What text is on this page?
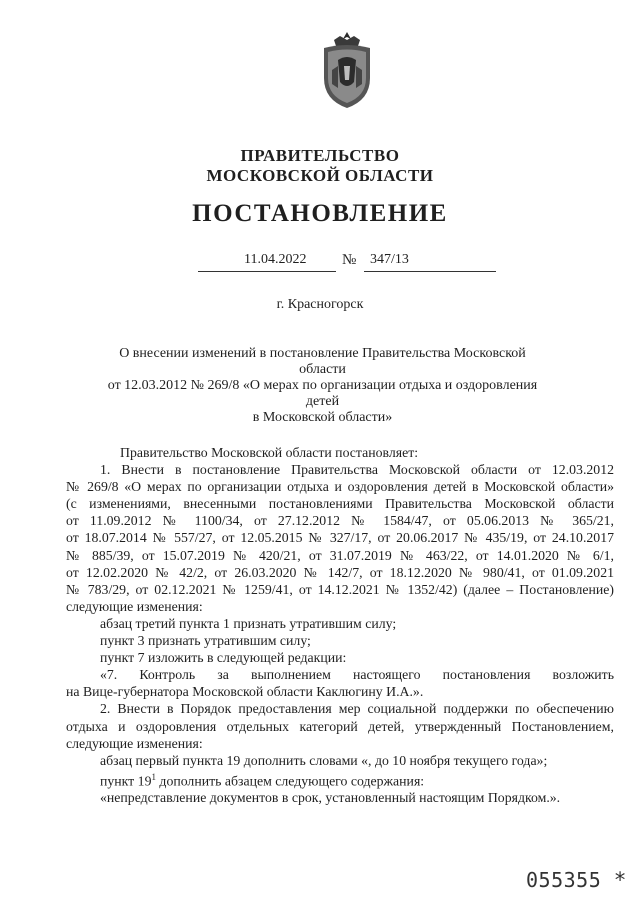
ПРАВИТЕЛЬСТВО
МОСКОВСКОЙ ОБЛАСТИ
ПОСТАНОВЛЕНИЕ
11.04.2022 № 347/13
г. Красногорск
О внесении изменений в постановление Правительства Московской области
от 12.03.2012 № 269/8 «О мерах по организации отдыха и оздоровления детей
в Московской области»
Правительство Московской области постановляет:
1. Внести в постановление Правительства Московской области от 12.03.2012
№ 269/8 «О мерах по организации отдыха и оздоровления детей в Московской области»
(с изменениями, внесенными постановлениями Правительства Московской области
от 11.09.2012 № 1100/34, от 27.12.2012 № 1584/47, от 05.06.2013 № 365/21,
от 18.07.2014 № 557/27, от 12.05.2015 № 327/17, от 20.06.2017 № 435/19, от 24.10.2017
№ 885/39, от 15.07.2019 № 420/21, от 31.07.2019 № 463/22, от 14.01.2020 № 6/1,
от 12.02.2020 № 42/2, от 26.03.2020 № 142/7, от 18.12.2020 № 980/41, от 01.09.2021
№ 783/29, от 02.12.2021 № 1259/41, от 14.12.2021 № 1352/42) (далее – Постановление)
следующие изменения:
абзац третий пункта 1 признать утратившим силу;
пункт 3 признать утратившим силу;
пункт 7 изложить в следующей редакции:
«7. Контроль за выполнением настоящего постановления возложить
на Вице-губернатора Московской области Каклюгину И.А.».
2. Внести в Порядок предоставления мер социальной поддержки по обеспечению
отдыха и оздоровления отдельных категорий детей, утвержденный Постановлением,
следующие изменения:
абзац первый пункта 19 дополнить словами «, до 10 ноября текущего года»;
пункт $19^1$ дополнить абзацем следующего содержания:
«непредставление документов в срок, установленный настоящим Порядком.».
055355 *
